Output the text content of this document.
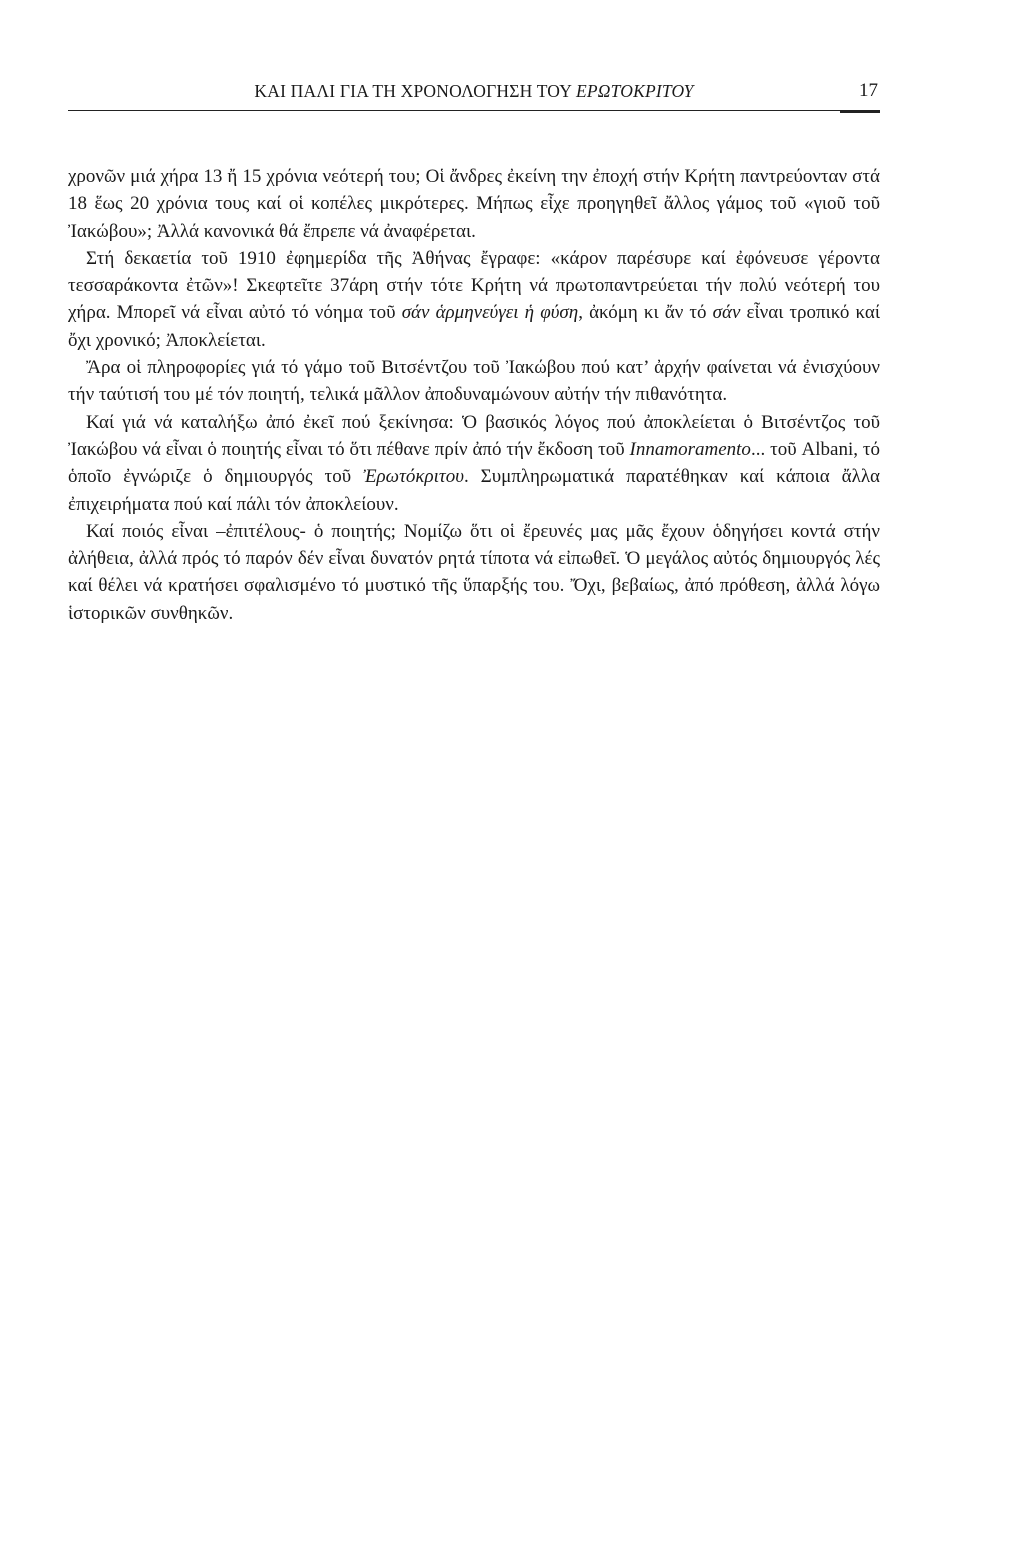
ΚΑΙ ΠΑΛΙ ΓΙΑ ΤΗ ΧΡΟΝΟΛΟΓΗΣΗ ΤΟΥ ΕΡΩΤΟΚΡΙΤΟΥ	17

χρονῶν μιά χήρα 13 ἤ 15 χρόνια νεότερή του; Οἱ ἄνδρες ἐκείνη την ἐποχή στήν Κρήτη παντρεύονταν στά 18 ἕως 20 χρόνια τους καί οἱ κοπέλες μικρότερες. Μήπως εἶχε προηγηθεῖ ἄλλος γάμος τοῦ «γιοῦ τοῦ Ἰακώβου»; Ἀλλά κανονικά θά ἔπρεπε νά ἀναφέρεται.

Στή δεκαετία τοῦ 1910 ἐφημερίδα τῆς Ἀθήνας ἔγραφε: «κάρον παρέσυρε καί ἐφόνευσε γέροντα τεσσαράκοντα ἐτῶν»! Σκεφτεῖτε 37άρη στήν τότε Κρήτη νά πρωτοπαντρεύεται τήν πολύ νεότερή του χήρα. Μπορεῖ νά εἶναι αὐτό τό νόημα τοῦ σάν ἁρμηνεύγει ἡ φύση, ἀκόμη κι ἄν τό σάν εἶναι τροπικό καί ὄχι χρονικό; Ἀποκλείεται.

Ἄρα οἱ πληροφορίες γιά τό γάμο τοῦ Βιτσέντζου τοῦ Ἰακώβου πού κατ’ ἀρχήν φαίνεται νά ἐνισχύουν τήν ταύτισή του μέ τόν ποιητή, τελικά μᾶλλον ἀποδυναμώνουν αὐτήν τήν πιθανότητα.

Καί γιά νά καταλήξω ἀπό ἐκεῖ πού ξεκίνησα: Ὁ βασικός λόγος πού ἀποκλείεται ὁ Βιτσέντζος τοῦ Ἰακώβου νά εἶναι ὁ ποιητής εἶναι τό ὅτι πέθανε πρίν ἀπό τήν ἔκδοση τοῦ Innamoramento... τοῦ Albani, τό ὁποῖο ἐγνώριζε ὁ δημιουργός τοῦ Ἐρωτόκριτου. Συμπληρωματικά παρατέθηκαν καί κάποια ἄλλα ἐπιχειρήματα πού καί πάλι τόν ἀποκλείουν.

Καί ποιός εἶναι –ἐπιτέλους- ὁ ποιητής; Νομίζω ὅτι οἱ ἔρευνές μας μᾶς ἔχουν ὁδηγήσει κοντά στήν ἀλήθεια, ἀλλά πρός τό παρόν δέν εἶναι δυνατόν ρητά τίποτα νά εἰπωθεῖ. Ὁ μεγάλος αὐτός δημιουργός λές καί θέλει νά κρατήσει σφαλισμένο τό μυστικό τῆς ὕπαρξής του. Ὄχι, βεβαίως, ἀπό πρόθεση, ἀλλά λόγω ἱστορικῶν συνθηκῶν.
